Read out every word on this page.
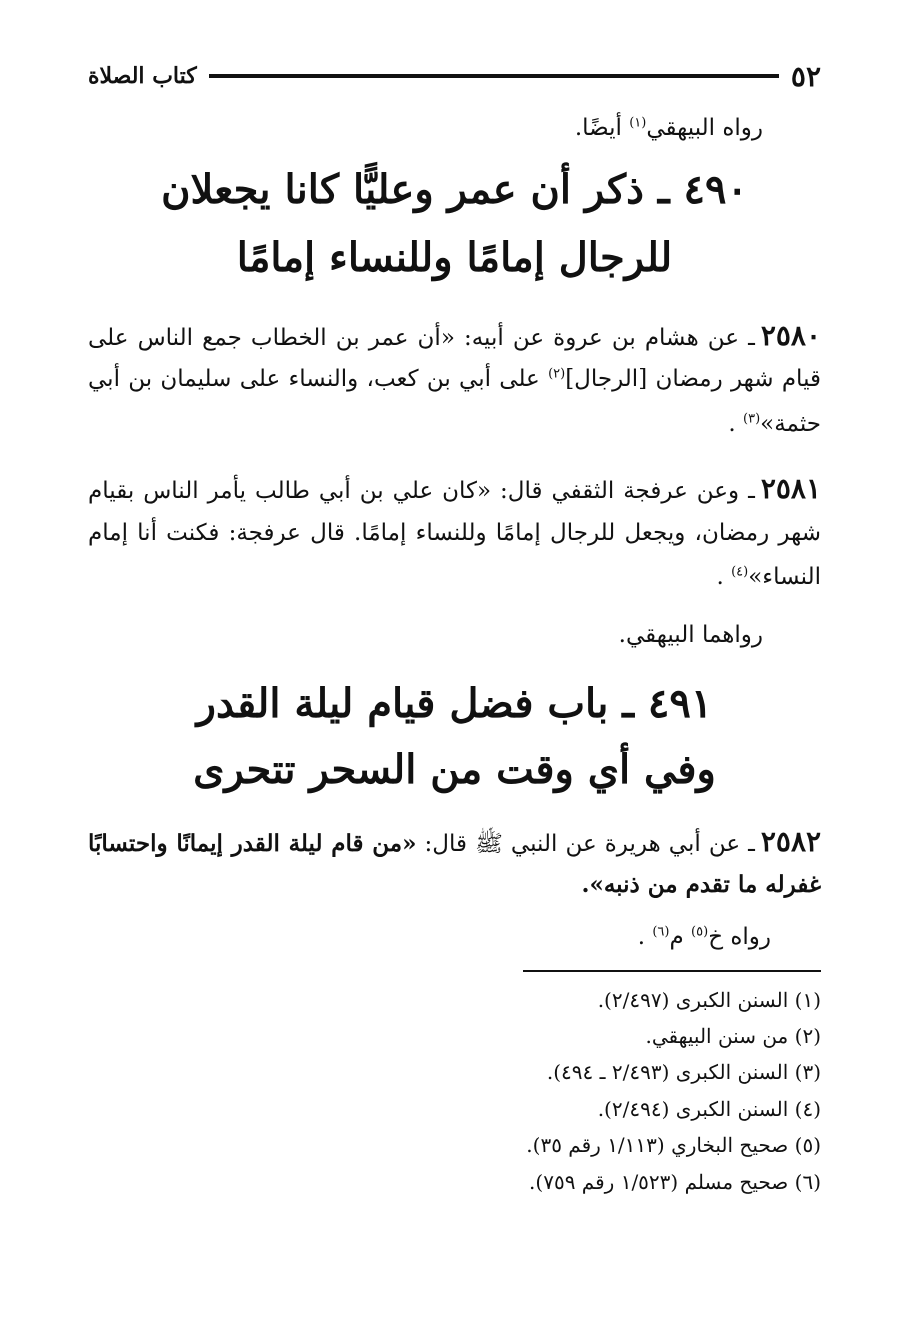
٥٢
كتاب الصلاة
رواه البيهقي$^{(١)}$ أيضًا.
٤٩٠ ـ ذكر أن عمر وعليًّا كانا يجعلان
للرجال إمامًا وللنساء إمامًا
٢٥٨٠ـ عن هشام بن عروة عن أبيه: «أن عمر بن الخطاب جمع الناس على
قيام شهر رمضان [الرجال]$^{(٢)}$ على أبي بن كعب، والنساء على سليمان بن أبي
حثمة»$^{(٣)}$ .
٢٥٨١ـ وعن عرفجة الثقفي قال: «كان علي بن أبي طالب يأمر الناس بقيام
شهر رمضان، ويجعل للرجال إمامًا وللنساء إمامًا. قال عرفجة: فكنت أنا إمام
النساء»$^{(٤)}$ .
رواهما البيهقي.
٤٩١ ـ باب فضل قيام ليلة القدر
وفي أي وقت من السحر تتحرى
٢٥٨٢ـ عن أبي هريرة عن النبي ﷺ قال: «من قام ليلة القدر إيمانًا واحتسابًا
غفرله ما تقدم من ذنبه».
رواه خ$^{(٥)}$ م$^{(٦)}$ .
(١) السنن الكبرى (٢/٤٩٧).
(٢) من سنن البيهقي.
(٣) السنن الكبرى (٢/٤٩٣ ـ ٤٩٤).
(٤) السنن الكبرى (٢/٤٩٤).
(٥) صحيح البخاري (١/١١٣ رقم ٣٥).
(٦) صحيح مسلم (١/٥٢٣ رقم ٧٥٩).
